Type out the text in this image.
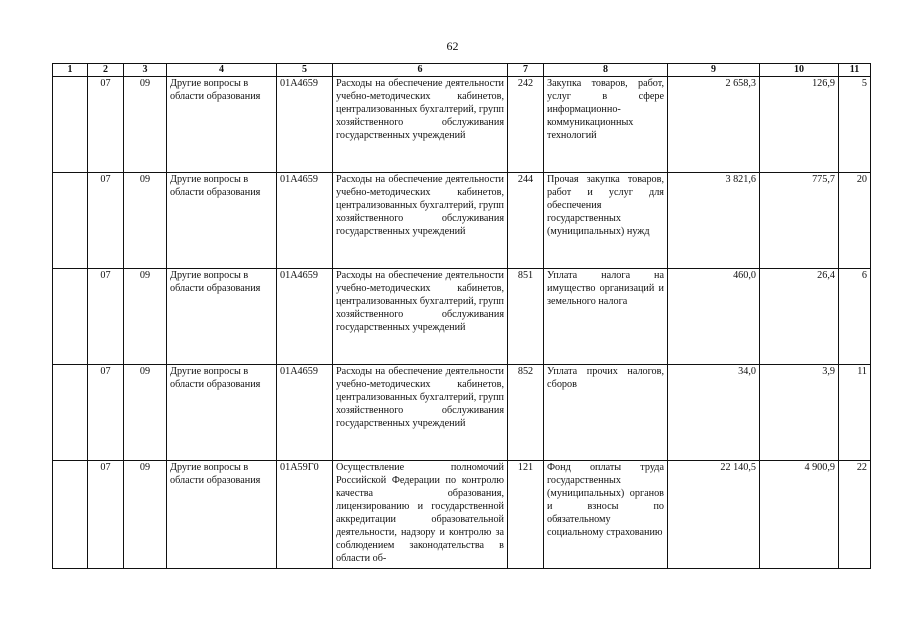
62
1	2	3	4	5	6	7	8	9	10	11
	07	09	Другие вопросы в области образования	01А4659	Расходы на обеспечение деятельности учебно-методических кабинетов, централизованных бухгалтерий, групп хозяйственного обслуживания государственных учреждений	242	Закупка товаров, работ, услуг в сфере информационно-коммуникационных технологий	2 658,3	126,9	5
	07	09	Другие вопросы в области образования	01А4659	Расходы на обеспечение деятельности учебно-методических кабинетов, централизованных бухгалтерий, групп хозяйственного обслуживания государственных учреждений	244	Прочая закупка товаров, работ и услуг для обеспечения государственных (муниципальных) нужд	3 821,6	775,7	20
	07	09	Другие вопросы в области образования	01А4659	Расходы на обеспечение деятельности учебно-методических кабинетов, централизованных бухгалтерий, групп хозяйственного обслуживания государственных учреждений	851	Уплата налога на имущество организаций и земельного налога	460,0	26,4	6
	07	09	Другие вопросы в области образования	01А4659	Расходы на обеспечение деятельности учебно-методических кабинетов, централизованных бухгалтерий, групп хозяйственного обслуживания государственных учреждений	852	Уплата прочих налогов, сборов	34,0	3,9	11
	07	09	Другие вопросы в области образования	01А59Г0	Осуществление полномочий Российской Федерации по контролю качества образования, лицензированию и государственной аккредитации образовательной деятельности, надзору и контролю за соблюдением законодательства в области об-	121	Фонд оплаты труда государственных (муниципальных) органов и взносы по обязательному социальному страхованию	22 140,5	4 900,9	22
